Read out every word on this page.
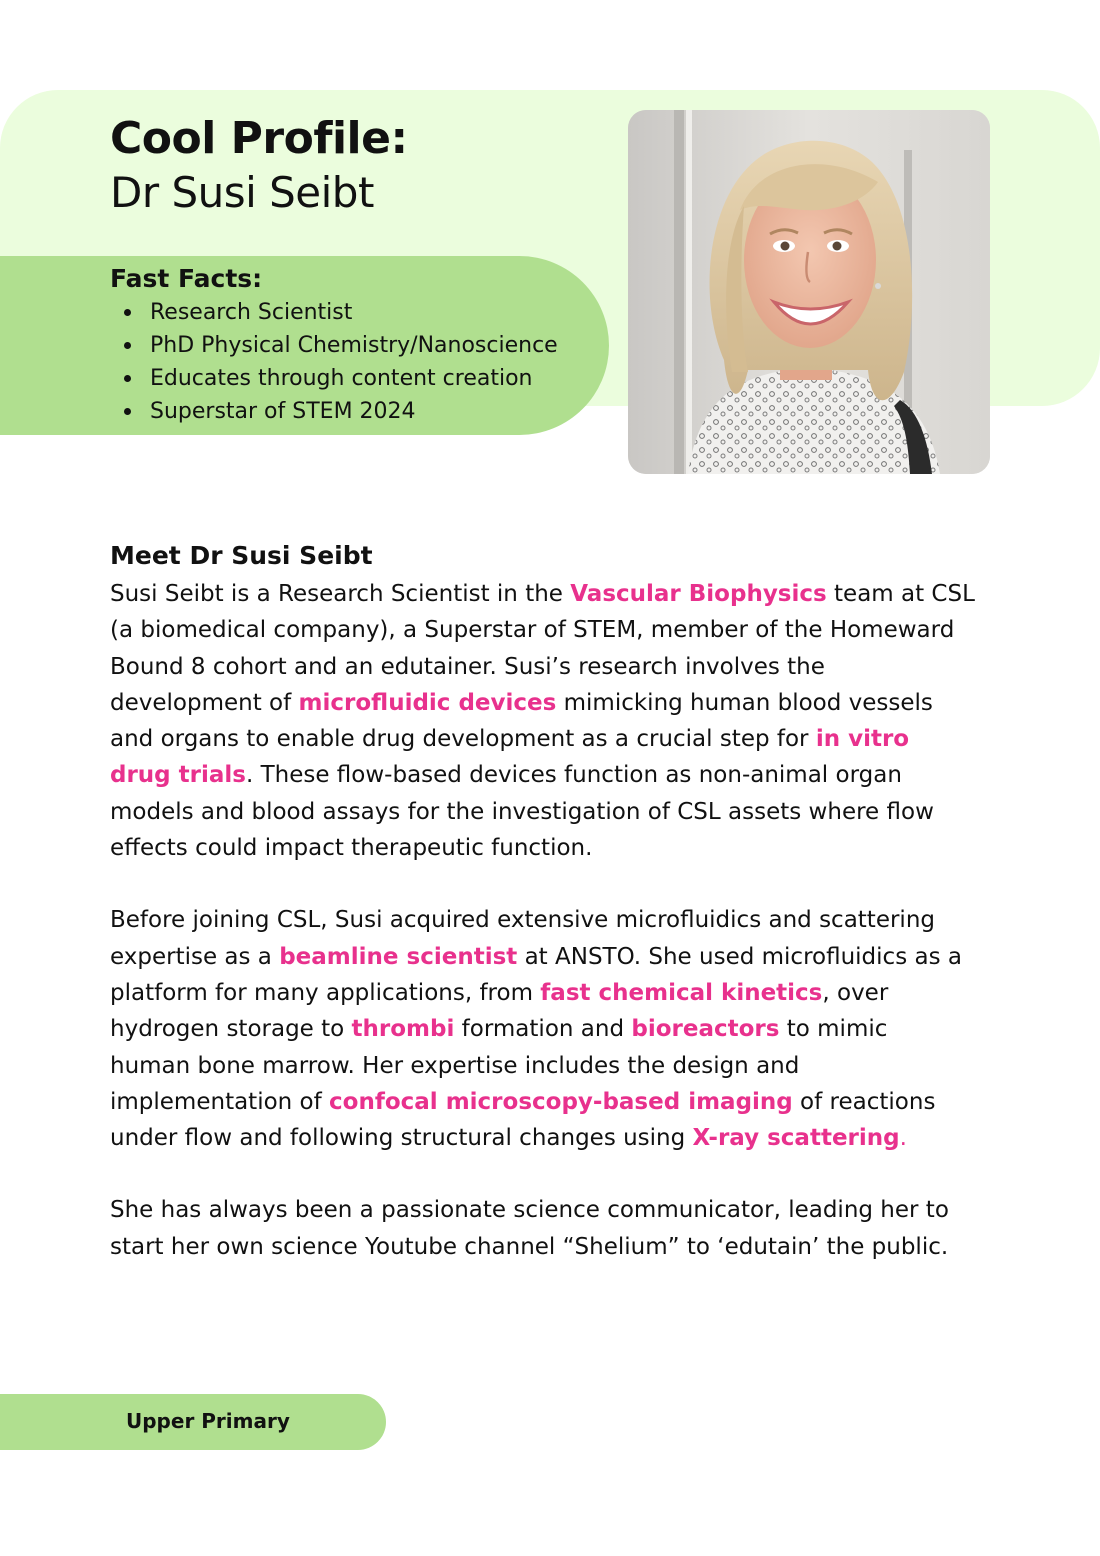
Cool Profile:
Dr Susi Seibt
Fast Facts:
Research Scientist
PhD Physical Chemistry/Nanoscience
Educates through content creation
Superstar of STEM 2024
Meet Dr Susi Seibt

Susi Seibt is a Research Scientist in the Vascular Biophysics team at CSL
(a biomedical company), a Superstar of STEM, member of the Homeward
Bound 8 cohort and an edutainer. Susi’s research involves the
development of microfluidic devices mimicking human blood vessels
and organs to enable drug development as a crucial step for in vitro
drug trials. These flow-based devices function as non-animal organ
models and blood assays for the investigation of CSL assets where flow
effects could impact therapeutic function.

Before joining CSL, Susi acquired extensive microfluidics and scattering
expertise as a beamline scientist at ANSTO. She used microfluidics as a
platform for many applications, from fast chemical kinetics, over
hydrogen storage to thrombi formation and bioreactors to mimic
human bone marrow. Her expertise includes the design and
implementation of confocal microscopy-based imaging of reactions
under flow and following structural changes using X-ray scattering.

She has always been a passionate science communicator, leading her to
start her own science Youtube channel “Shelium” to ‘edutain’ the public.

Upper Primary
